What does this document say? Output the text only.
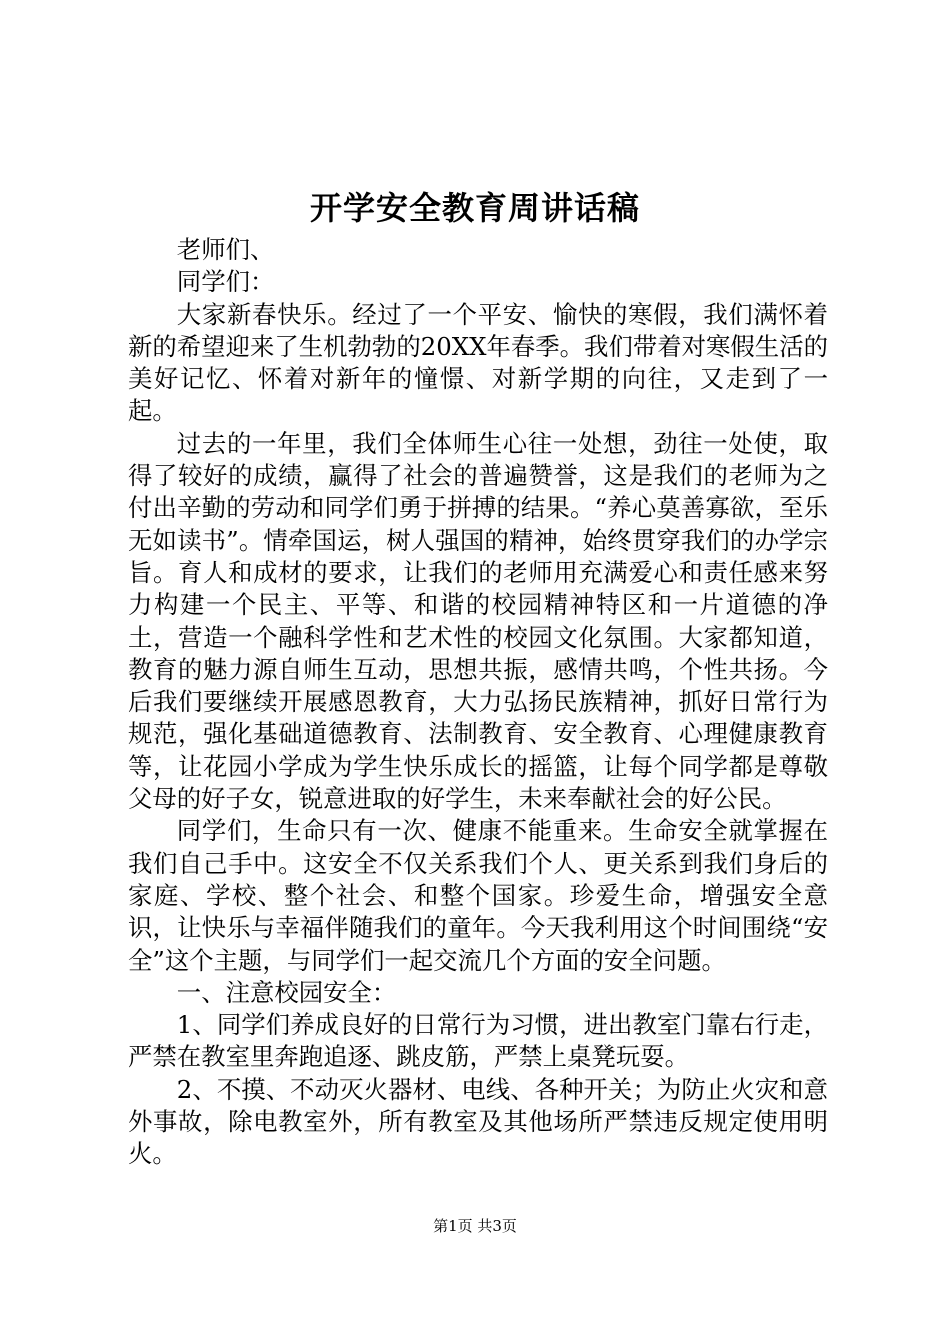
开学安全教育周讲话稿

老师们、

同学们：

大家新春快乐。经过了一个平安、愉快的寒假，我们满怀着新的希望迎来了生机勃勃的20XX年春季。我们带着对寒假生活的美好记忆、怀着对新年的憧憬、对新学期的向往，又走到了一起。

过去的一年里，我们全体师生心往一处想，劲往一处使，取得了较好的成绩，赢得了社会的普遍赞誉，这是我们的老师为之付出辛勤的劳动和同学们勇于拼搏的结果。“养心莫善寡欲，至乐无如读书”。情牵国运，树人强国的精神，始终贯穿我们的办学宗旨。育人和成材的要求，让我们的老师用充满爱心和责任感来努力构建一个民主、平等、和谐的校园精神特区和一片道德的净土，营造一个融科学性和艺术性的校园文化氛围。大家都知道，教育的魅力源自师生互动，思想共振，感情共鸣，个性共扬。今后我们要继续开展感恩教育，大力弘扬民族精神，抓好日常行为规范，强化基础道德教育、法制教育、安全教育、心理健康教育等，让花园小学成为学生快乐成长的摇篮，让每个同学都是尊敬父母的好子女，锐意进取的好学生，未来奉献社会的好公民。

同学们，生命只有一次、健康不能重来。生命安全就掌握在我们自己手中。这安全不仅关系我们个人、更关系到我们身后的家庭、学校、整个社会、和整个国家。珍爱生命，增强安全意识，让快乐与幸福伴随我们的童年。今天我利用这个时间围绕“安全”这个主题，与同学们一起交流几个方面的安全问题。

一、注意校园安全：

1、同学们养成良好的日常行为习惯，进出教室门靠右行走，严禁在教室里奔跑追逐、跳皮筋，严禁上桌凳玩耍。

2、不摸、不动灭火器材、电线、各种开关；为防止火灾和意外事故，除电教室外，所有教室及其他场所严禁违反规定使用明火。

第1页 共3页
